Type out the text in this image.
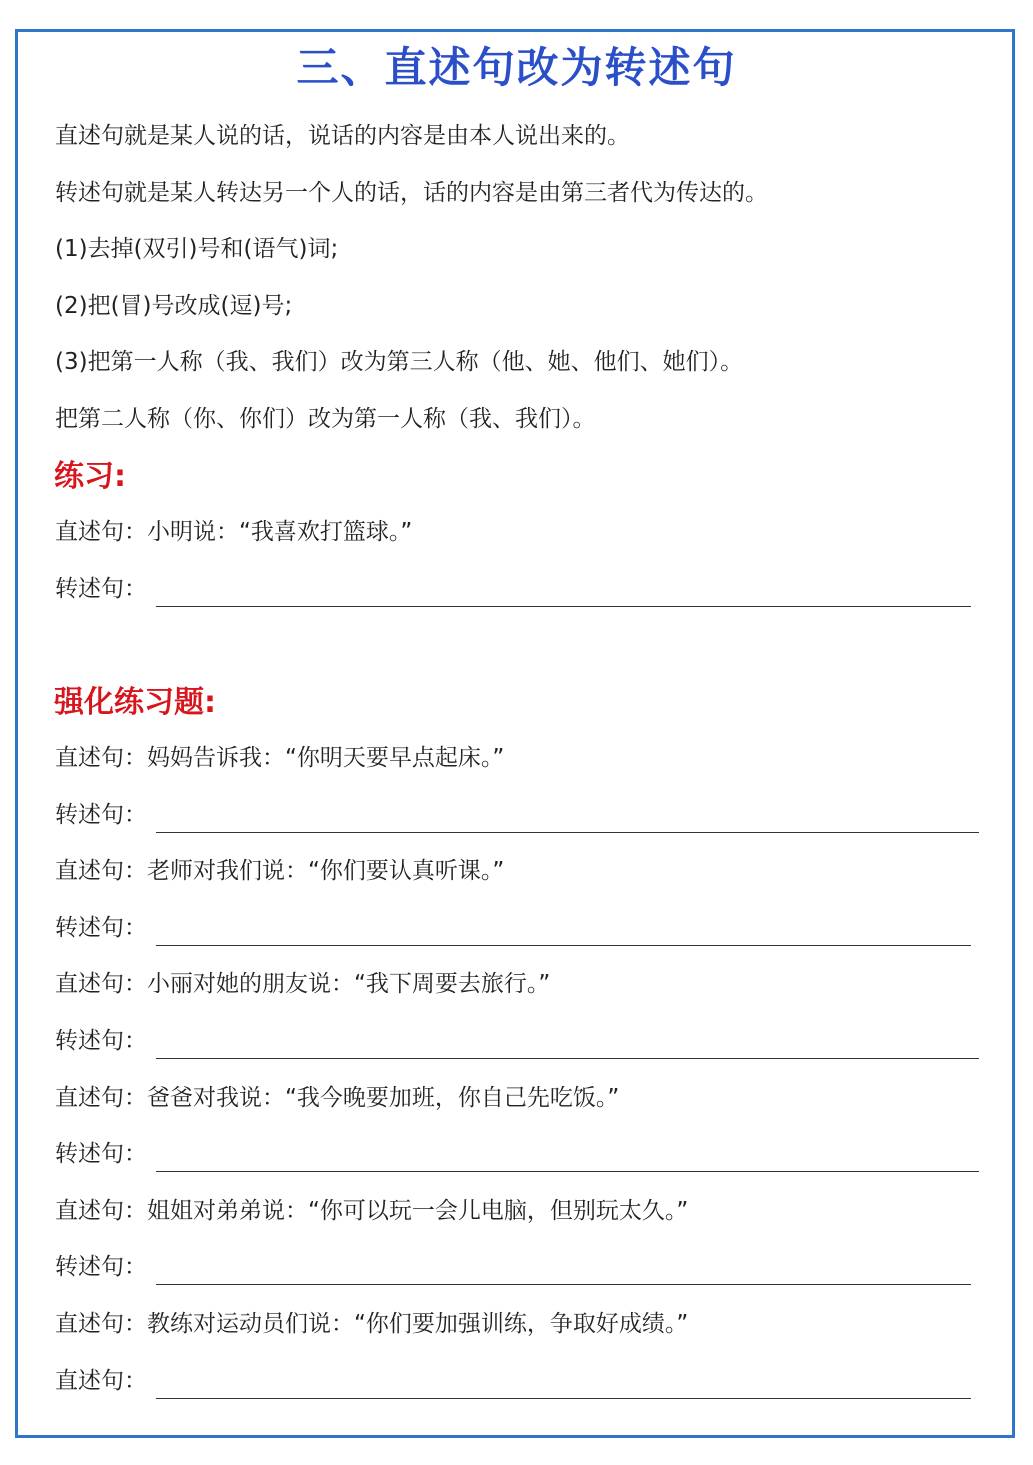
三、直述句改为转述句
直述句就是某人说的话，说话的内容是由本人说出来的。
转述句就是某人转达另一个人的话，话的内容是由第三者代为传达的。
(1)去掉(双引)号和(语气)词;
(2)把(冒)号改成(逗)号;
(3)把第一人称（我、我们）改为第三人称（他、她、他们、她们）。
把第二人称（你、你们）改为第一人称（我、我们）。
练习:
直述句：小明说：“我喜欢打篮球。”
转述句：
强化练习题:
直述句：妈妈告诉我：“你明天要早点起床。”
转述句：
直述句：老师对我们说：“你们要认真听课。”
转述句：
直述句：小丽对她的朋友说：“我下周要去旅行。”
转述句：
直述句：爸爸对我说：“我今晚要加班，你自己先吃饭。”
转述句：
直述句：姐姐对弟弟说：“你可以玩一会儿电脑，但别玩太久。”
转述句：
直述句：教练对运动员们说：“你们要加强训练，争取好成绩。”
直述句：
